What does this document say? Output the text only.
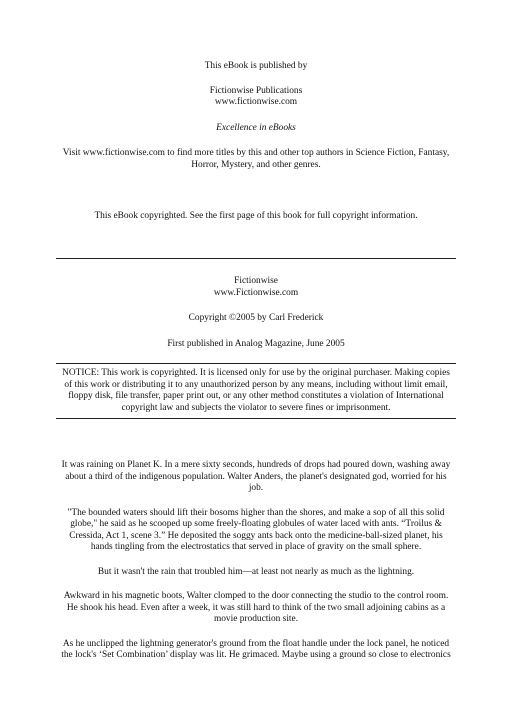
This eBook is published by

Fictionwise Publications

www.fictionwise.com

Excellence in eBooks

Visit www.fictionwise.com to find more titles by this and other top authors in Science Fiction, Fantasy,

Horror, Mystery, and other genres.

This eBook copyrighted. See the first page of this book for full copyright information.

Fictionwise

www.Fictionwise.com

Copyright ©2005 by Carl Frederick

First published in Analog Magazine, June 2005

NOTICE: This work is copyrighted. It is licensed only for use by the original purchaser. Making copies

of this work or distributing it to any unauthorized person by any means, including without limit email,

floppy disk, file transfer, paper print out, or any other method constitutes a violation of International

copyright law and subjects the violator to severe fines or imprisonment.

It was raining on Planet K. In a mere sixty seconds, hundreds of drops had poured down, washing away

about a third of the indigenous population. Walter Anders, the planet's designated god, worried for his

job.

"The bounded waters should lift their bosoms higher than the shores, and make a sop of all this solid

globe," he said as he scooped up some freely-floating globules of water laced with ants. “Troilus &

Cressida, Act 1, scene 3.” He deposited the soggy ants back onto the medicine-ball-sized planet, his

hands tingling from the electrostatics that served in place of gravity on the small sphere.

But it wasn't the rain that troubled him—at least not nearly as much as the lightning.

Awkward in his magnetic boots, Walter clomped to the door connecting the studio to the control room.

He shook his head. Even after a week, it was still hard to think of the two small adjoining cabins as a

movie production site.

As he unclipped the lightning generator's ground from the float handle under the lock panel, he noticed

the lock's ‘Set Combination’ display was lit. He grimaced. Maybe using a ground so close to electronics
